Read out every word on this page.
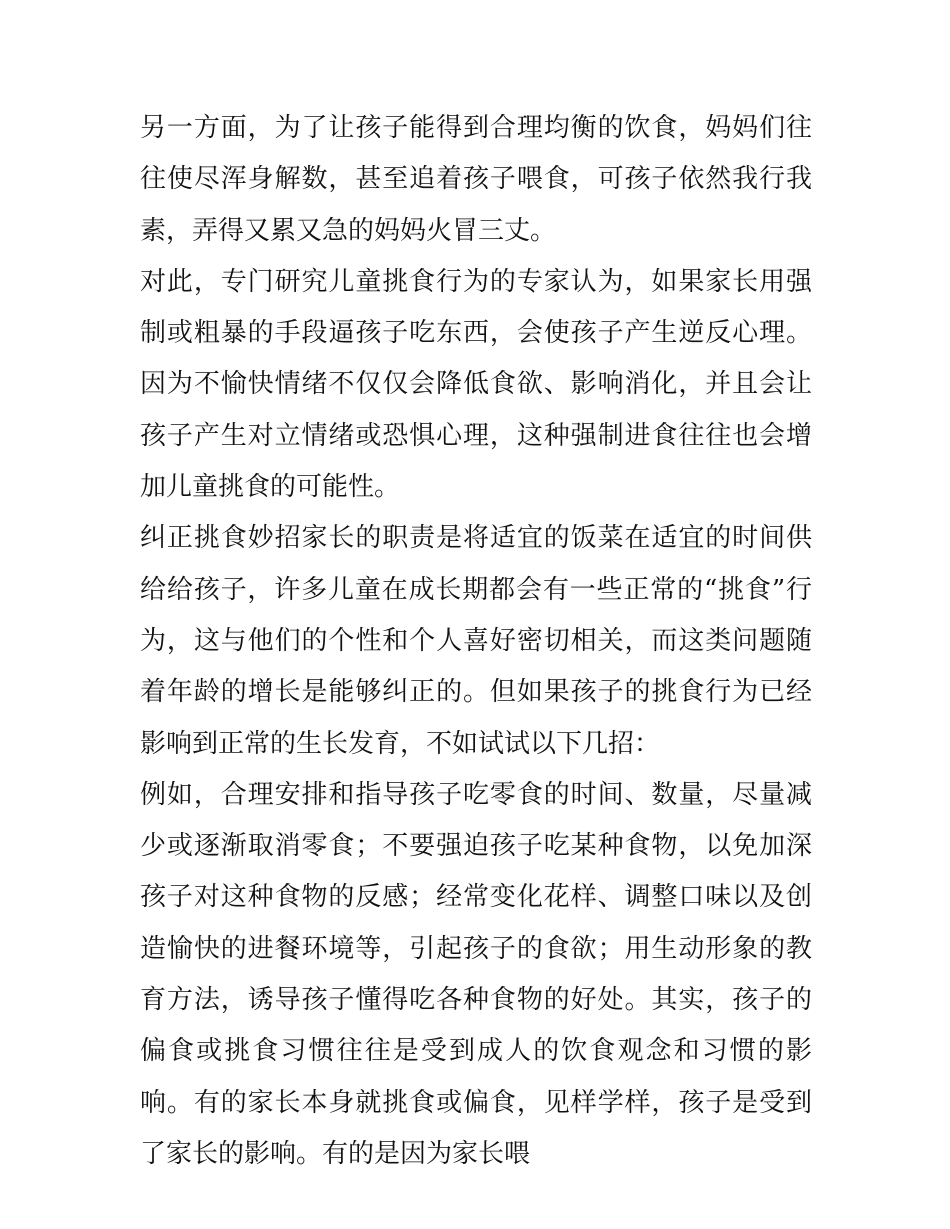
另一方面，为了让孩子能得到合理均衡的饮食，妈妈们往往使尽浑身解数，甚至追着孩子喂食，可孩子依然我行我素，弄得又累又急的妈妈火冒三丈。

对此，专门研究儿童挑食行为的专家认为，如果家长用强制或粗暴的手段逼孩子吃东西，会使孩子产生逆反心理。因为不愉快情绪不仅仅会降低食欲、影响消化，并且会让孩子产生对立情绪或恐惧心理，这种强制进食往往也会增加儿童挑食的可能性。

纠正挑食妙招家长的职责是将适宜的饭菜在适宜的时间供给给孩子，许多儿童在成长期都会有一些正常的“挑食”行为，这与他们的个性和个人喜好密切相关，而这类问题随着年龄的增长是能够纠正的。但如果孩子的挑食行为已经影响到正常的生长发育，不如试试以下几招：

例如，合理安排和指导孩子吃零食的时间、数量，尽量减少或逐渐取消零食；不要强迫孩子吃某种食物，以免加深孩子对这种食物的反感；经常变化花样、调整口味以及创造愉快的进餐环境等，引起孩子的食欲；用生动形象的教育方法，诱导孩子懂得吃各种食物的好处。其实，孩子的偏食或挑食习惯往往是受到成人的饮食观念和习惯的影响。有的家长本身就挑食或偏食，见样学样，孩子是受到了家长的影响。有的是因为家长喂
